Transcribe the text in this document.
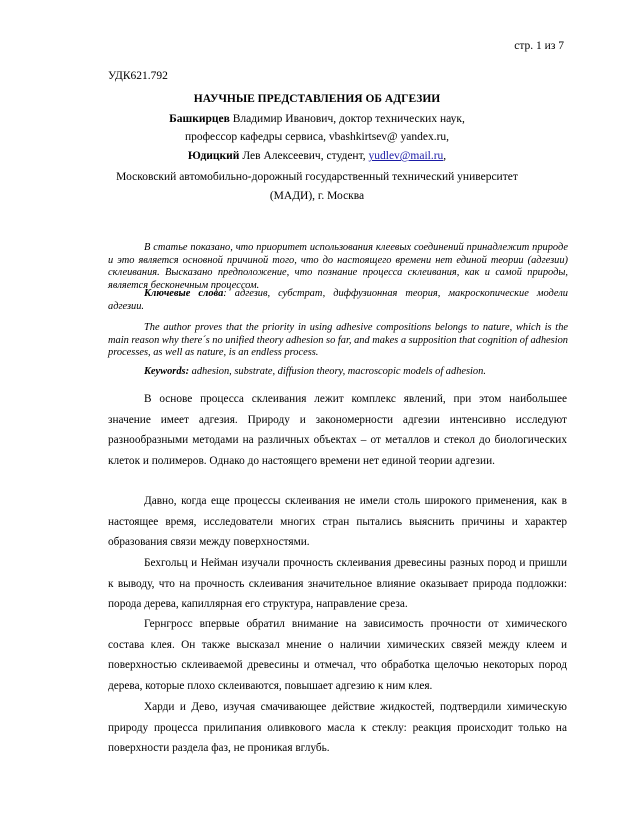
стр. 1 из 7
УДК621.792
НАУЧНЫЕ ПРЕДСТАВЛЕНИЯ ОБ АДГЕЗИИ
Башкирцев Владимир Иванович, доктор технических наук,
профессор кафедры сервиса, vbashkirtsev@ yandex.ru,
Юдицкий Лев Алексеевич, студент, yudlev@mail.ru,
Московский автомобильно-дорожный государственный технический университет
(МАДИ), г. Москва

В статье показано, что приоритет использования клеевых соединений принадлежит природе и это является основной причиной того, что до настоящего времени нет единой теории (адгезии) склеивания. Высказано предположение, что познание процесса склеивания, как и самой природы, является бесконечным процессом.

Ключевые слова: адгезив, субстрат, диффузионная теория, макроскопические модели адгезии.

The author proves that the priority in using adhesive compositions belongs to nature, which is the main reason why there´s no unified theory adhesion so far, and makes a supposition that cognition of adhesion processes, as well as nature, is an endless process.

Keywords: adhesion, substrate, diffusion theory, macroscopic models of adhesion.

В основе процесса склеивания лежит комплекс явлений, при этом наибольшее значение имеет адгезия. Природу и закономерности адгезии интенсивно исследуют разнообразными методами на различных объектах – от металлов и стекол до биологических клеток и полимеров. Однако до настоящего времени нет единой теории адгезии.

Давно, когда еще процессы склеивания не имели столь широкого применения, как в настоящее время, исследователи многих стран пытались выяснить причины и характер образования связи между поверхностями.

Бехгольц и Нейман изучали прочность склеивания древесины разных пород и пришли к выводу, что на прочность склеивания значительное влияние оказывает природа подложки: порода дерева, капиллярная его структура, направление среза.

Гернгросс впервые обратил внимание на зависимость прочности от химического состава клея. Он также высказал мнение о наличии химических связей между клеем и поверхностью склеиваемой древесины и отмечал, что обработка щелочью некоторых пород дерева, которые плохо склеиваются, повышает адгезию к ним клея.

Харди и Дево, изучая смачивающее действие жидкостей, подтвердили химическую природу процесса прилипания оливкового масла к стеклу: реакция происходит только на поверхности раздела фаз, не проникая вглубь.
